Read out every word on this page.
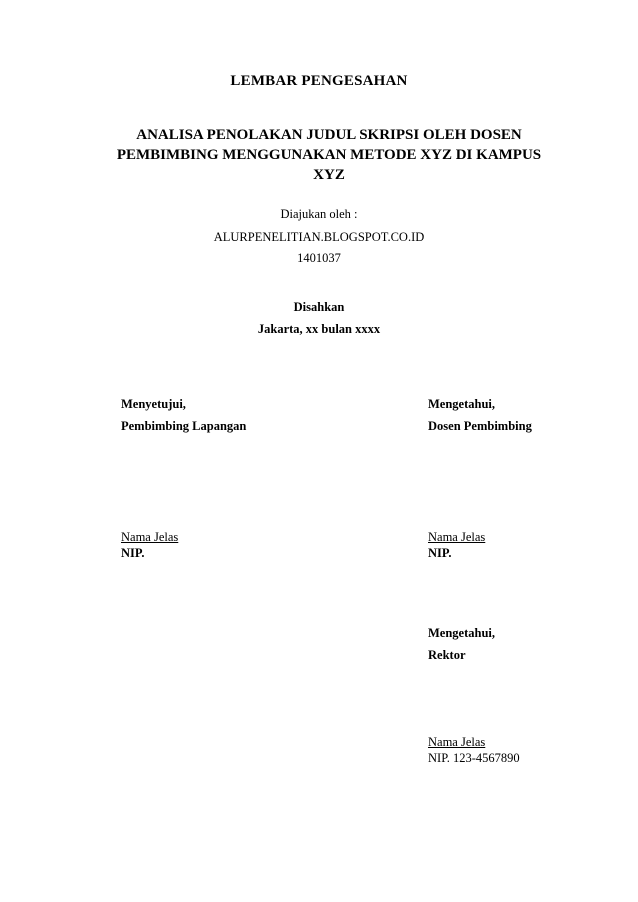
LEMBAR PENGESAHAN
ANALISA PENOLAKAN JUDUL SKRIPSI OLEH DOSEN
PEMBIMBING MENGGUNAKAN METODE XYZ DI KAMPUS
XYZ
Diajukan oleh :
ALURPENELITIAN.BLOGSPOT.CO.ID
1401037
Disahkan
Jakarta, xx bulan xxxx
Menyetujui,
Pembimbing Lapangan
Nama Jelas
NIP.
Mengetahui,
Dosen Pembimbing
Nama Jelas
NIP.
Mengetahui,
Rektor
Nama Jelas
NIP. 123-4567890
